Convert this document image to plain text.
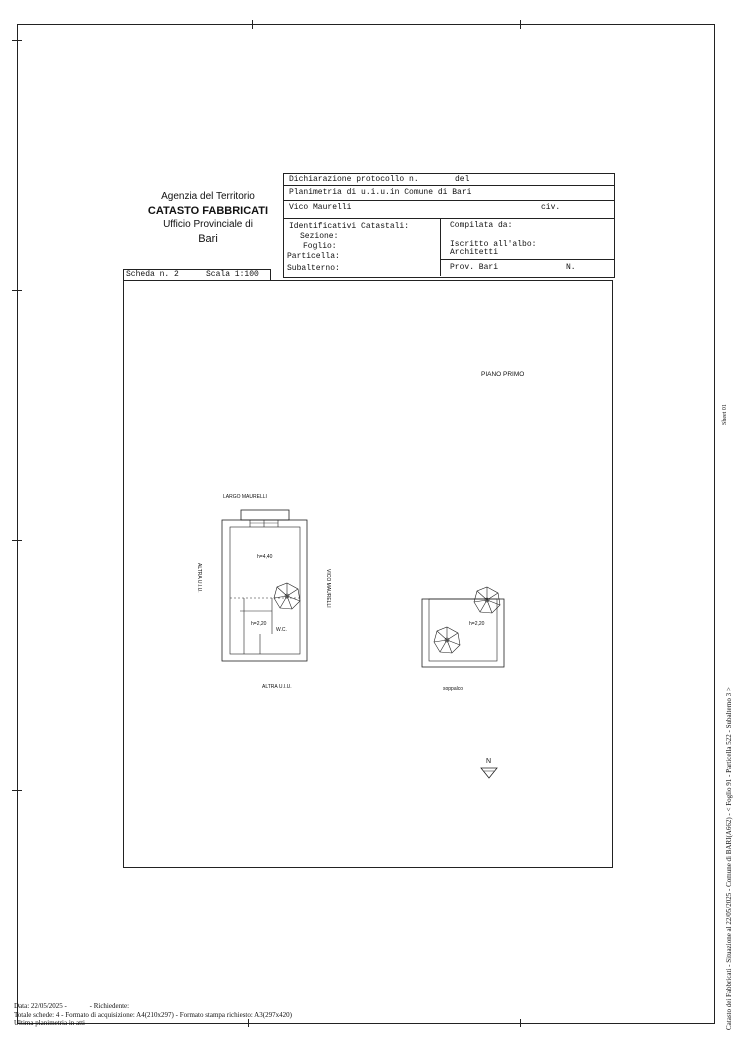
Agenzia del Territorio
CATASTO FABBRICATI
Ufficio Provinciale di
Bari
Dichiarazione protocollo n.	del
Planimetria di u.i.u.in Comune di Bari
Vico Maurelli	civ.
Identificativi Catastali:
Sezione:
Foglio:
Particella:
Subalterno:
Compilata da:
Iscritto all'albo:
Architetti
Prov. Bari	N.
Scheda n. 2	Scala 1:100
PIANO PRIMO
LARGO MAURELLI
ALTRA U.I.U.	VICO MAURELLI
ALTRA U.I.U.
h=4,40
h=2,20
W.C.
h=2,20
soppalco
N
Data: 22/05/2025 -             - Richiedente:
Totale schede: 4 - Formato di acquisizione: A4(210x297) - Formato stampa richiesto: A3(297x420)
Ultima planimetria in atti	Catasto dei Fabbricati - Situazione al 22/05/2025 - Comune di BARI(A662) - < Foglio 91 - Particella 522 - Subalterno 3 >
Sheet 01
